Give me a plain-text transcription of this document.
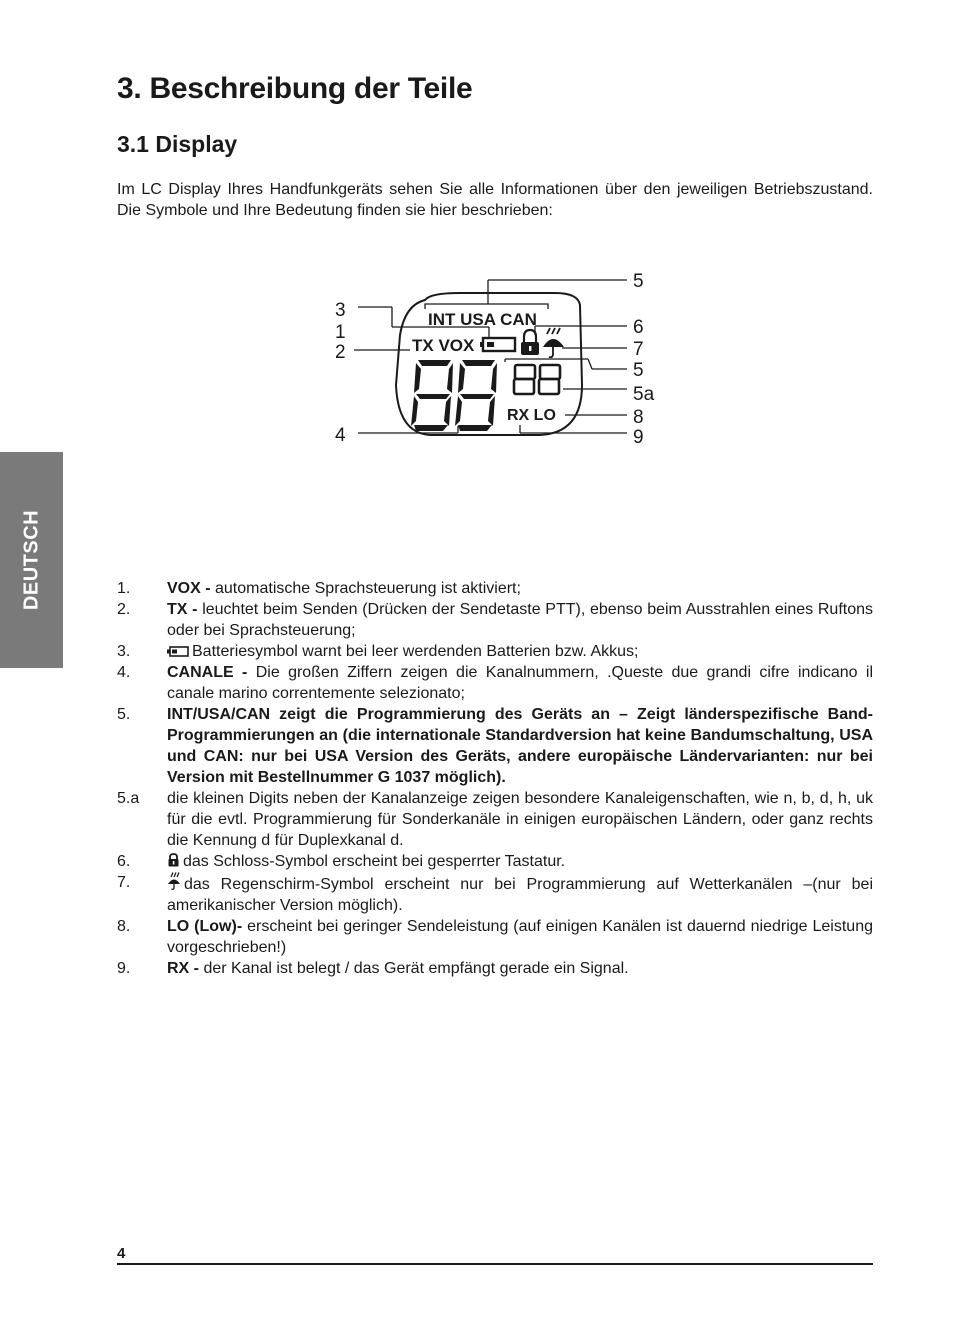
DEUTSCH
3. Beschreibung der Teile
3.1 Display

Im LC Display Ihres Handfunkgeräts sehen Sie alle Informationen über den jeweiligen Betriebszustand. Die Symbole und Ihre Bedeutung finden sie hier beschrieben:

INT USA CAN
TX VOX
RX LO
3
1
2
4
5
6
7
5
5a
8
9
1. VOX - automatische Sprachsteuerung ist aktiviert;
2. TX - leuchtet beim Senden (Drücken der Sendetaste PTT), ebenso beim Ausstrahlen eines Ruftons oder bei Sprachsteuerung;
3.	Batteriesymbol warnt bei leer werdenden Batterien bzw. Akkus;
4. CANALE - Die großen Ziffern zeigen die Kanalnummern, .Queste due grandi cifre indicano il canale marino correntemente selezionato;
5. INT/USA/CAN zeigt die Programmierung des Geräts an – Zeigt länderspezifische Band-Programmierungen an (die internationale Standardversion hat keine Bandumschaltung, USA und CAN: nur bei USA Version des Geräts, andere europäische Ländervarianten: nur bei Version mit Bestellnummer G 1037 möglich).
5.a die kleinen Digits neben der Kanalanzeige zeigen besondere Kanaleigenschaften, wie n, b, d, h, uk für die evtl. Programmierung für Sonderkanäle in einigen europäischen Ländern, oder ganz rechts die Kennung d für Duplexkanal d.
6.	das Schloss-Symbol erscheint bei gesperrter Tastatur.
7.	das Regenschirm-Symbol erscheint nur bei Programmierung auf Wetterkanälen –(nur bei amerikanischer Version möglich).
8. LO (Low)- erscheint bei geringer Sendeleistung (auf einigen Kanälen ist dauernd niedrige Leistung vorgeschrieben!)
9. RX - der Kanal ist belegt / das Gerät empfängt gerade ein Signal.
4
